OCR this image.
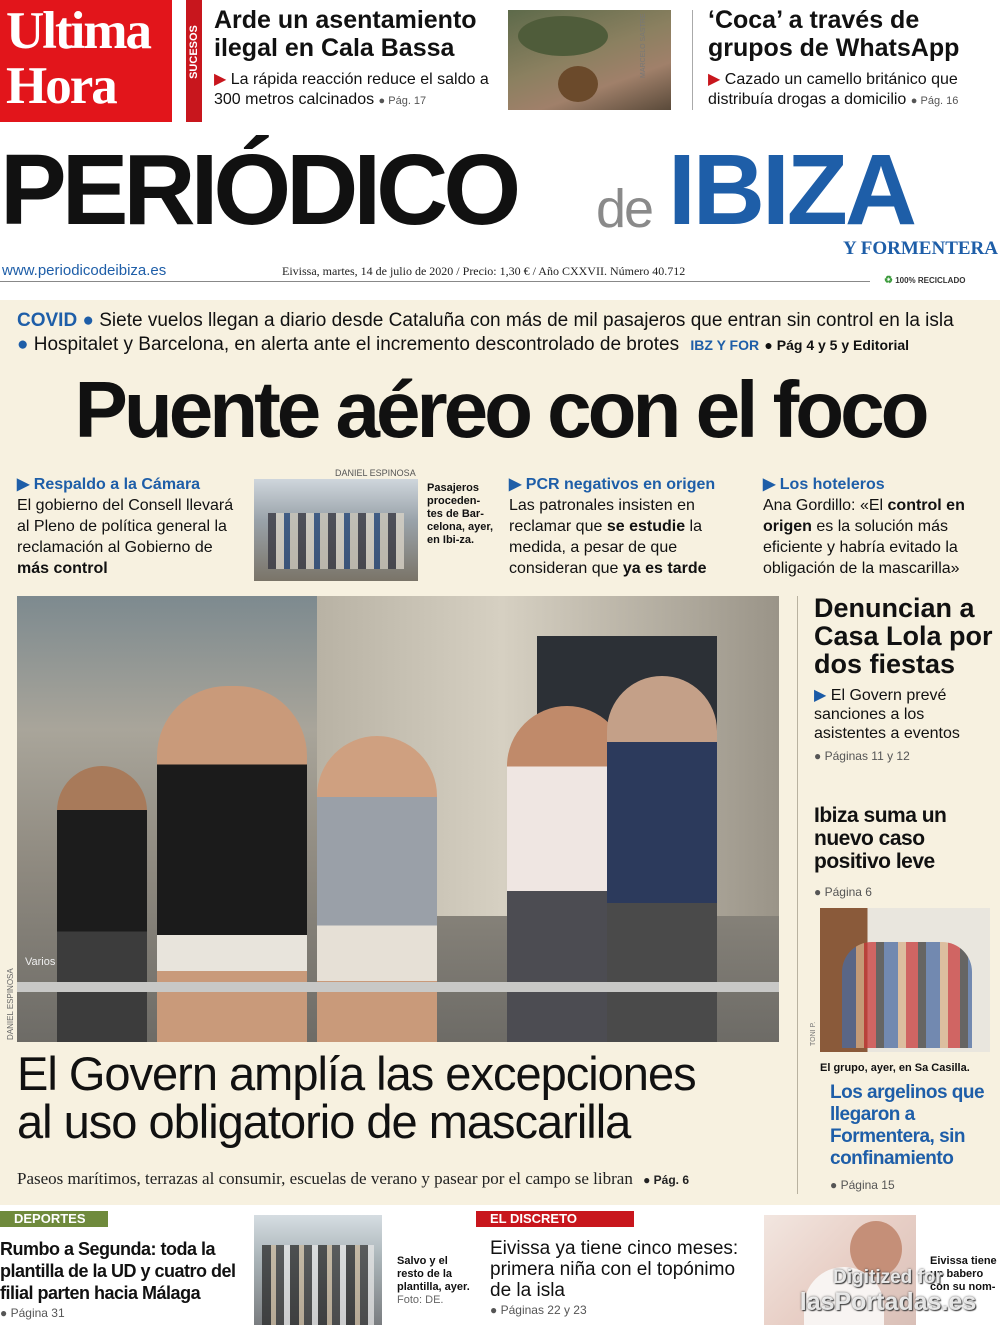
Ultima
Hora
SUCESOS
Arde un asentamiento ilegal en Cala Bassa
▶ La rápida reacción reduce el saldo a 300 metros calcinados ● Pág. 17
MARCELO SASTRE ‘Coca’ a través de grupos de WhatsApp
▶ Cazado un camello británico que distribuía drogas a domicilio ● Pág. 16
PERIÓDICO de IBIZA
Y FORMENTERA
www.periodicodeibiza.es	Eivissa, martes, 14 de julio de 2020 / Precio: 1,30 € / Año CXXVII. Número 40.712
♻ 100% RECICLADO
COVID ● Siete vuelos llegan a diario desde Cataluña con más de mil pasajeros que entran sin control en la isla
● Hospitalet y Barcelona, en alerta ante el incremento descontrolado de brotes IBZ Y FOR ● Pág 4 y 5 y Editorial
Puente aéreo con el foco
▶ Respaldo a la Cámara
El gobierno del Consell llevará al Pleno de política general la reclamación al Gobierno de más control
DANIEL ESPINOSA
Pasajeros proceden-tes de Bar-celona, ayer, en Ibi-za.
▶ PCR negativos en origen
Las patronales insisten en reclamar que se estudie la medida, a pesar de que consideran que ya es tarde
▶ Los hoteleros
Ana Gordillo: «El control en origen es la solución más eficiente y habría evitado la obligación de la mascarilla»
Varios
DANIEL ESPINOSA
El Govern amplía las excepciones
al uso obligatorio de mascarilla
Paseos marítimos, terrazas al consumir, escuelas de verano y pasear por el campo se libran ● Pág. 6
Denuncian a Casa Lola por dos fiestas
▶ El Govern prevé sanciones a los asistentes a eventos
● Páginas 11 y 12
Ibiza suma un nuevo caso positivo leve
● Página 6
TONI P.
El grupo, ayer, en Sa Casilla.
Los argelinos que llegaron a Formentera, sin confinamiento
● Página 15
DEPORTES
Rumbo a Segunda: toda la plantilla de la UD y cuatro del filial parten hacia Málaga
● Página 31
Salvo y el resto de la plantilla, ayer. Foto: DE.
EL DISCRETO
Eivissa ya tiene cinco meses: primera niña con el topónimo de la isla
● Páginas 22 y 23
Eivissa tiene un babero con su nom-
Digitized for
lasPortadas.es
